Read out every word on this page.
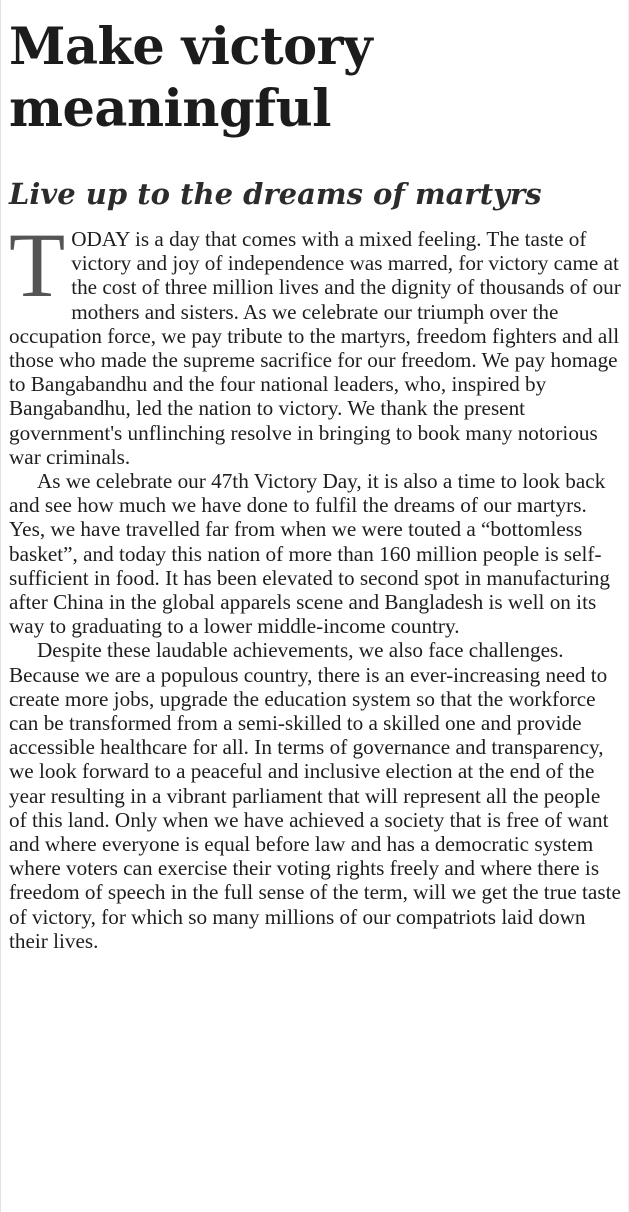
Make victory meaningful
Live up to the dreams of martyrs

TODAY is a day that comes with a mixed feeling. The taste of victory and joy of independence was marred, for victory came at the cost of three million lives and the dignity of thousands of our mothers and sisters. As we celebrate our triumph over the occupation force, we pay tribute to the martyrs, freedom fighters and all those who made the supreme sacrifice for our freedom. We pay homage to Bangabandhu and the four national leaders, who, inspired by Bangabandhu, led the nation to victory. We thank the present government's unflinching resolve in bringing to book many notorious war criminals.

As we celebrate our 47th Victory Day, it is also a time to look back and see how much we have done to fulfil the dreams of our martyrs. Yes, we have travelled far from when we were touted a “bottomless basket”, and today this nation of more than 160 million people is self-sufficient in food. It has been elevated to second spot in manufacturing after China in the global apparels scene and Bangladesh is well on its way to graduating to a lower middle-income country.

Despite these laudable achievements, we also face challenges. Because we are a populous country, there is an ever-increasing need to create more jobs, upgrade the education system so that the workforce can be transformed from a semi-skilled to a skilled one and provide accessible healthcare for all. In terms of governance and transparency, we look forward to a peaceful and inclusive election at the end of the year resulting in a vibrant parliament that will represent all the people of this land. Only when we have achieved a society that is free of want and where everyone is equal before law and has a democratic system where voters can exercise their voting rights freely and where there is freedom of speech in the full sense of the term, will we get the true taste of victory, for which so many millions of our compatriots laid down their lives.
